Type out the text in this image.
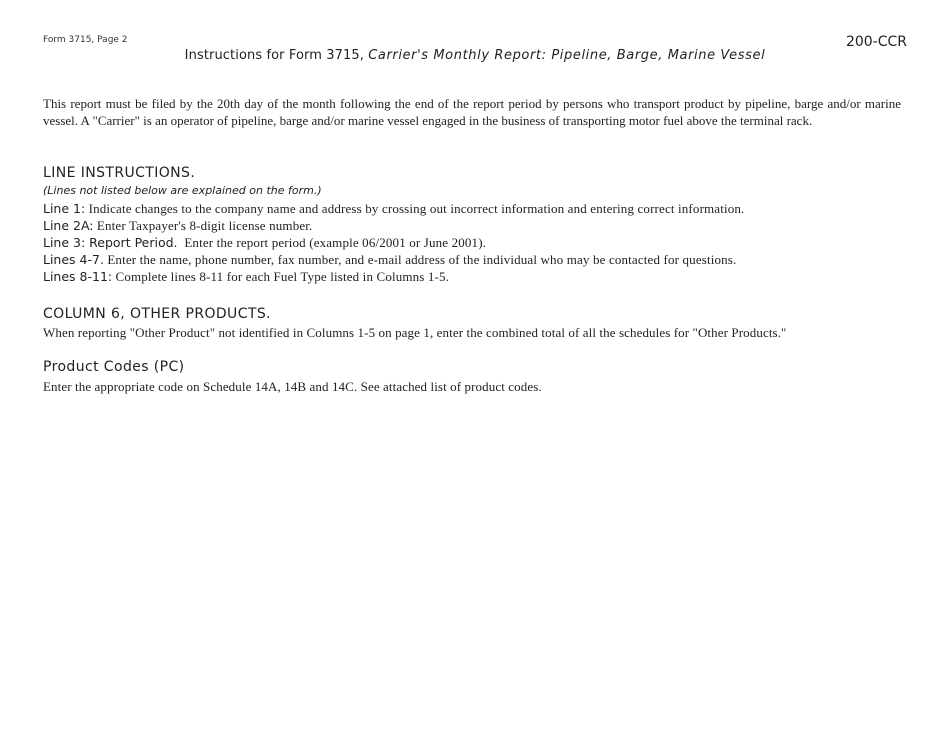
Form 3715, Page 2	200-CCR
Instructions for Form 3715, Carrier's Monthly Report: Pipeline, Barge, Marine Vessel

This report must be filed by the 20th day of the month following the end of the report period by persons who transport product by pipeline, barge and/or marine vessel. A "Carrier" is an operator of pipeline, barge and/or marine vessel engaged in the business of transporting motor fuel above the terminal rack.

LINE INSTRUCTIONS.
(Lines not listed below are explained on the form.)
Line 1: Indicate changes to the company name and address by crossing out incorrect information and entering correct information.
Line 2A: Enter Taxpayer's 8-digit license number.
Line 3: Report Period.  Enter the report period (example 06/2001 or June 2001).
Lines 4-7. Enter the name, phone number, fax number, and e-mail address of the individual who may be contacted for questions.
Lines 8-11: Complete lines 8-11 for each Fuel Type listed in Columns 1-5.
COLUMN 6, OTHER PRODUCTS.
When reporting "Other Product" not identified in Columns 1-5 on page 1, enter the combined total of all the schedules for "Other Products."
Product Codes (PC)
Enter the appropriate code on Schedule 14A, 14B and 14C. See attached list of product codes.
